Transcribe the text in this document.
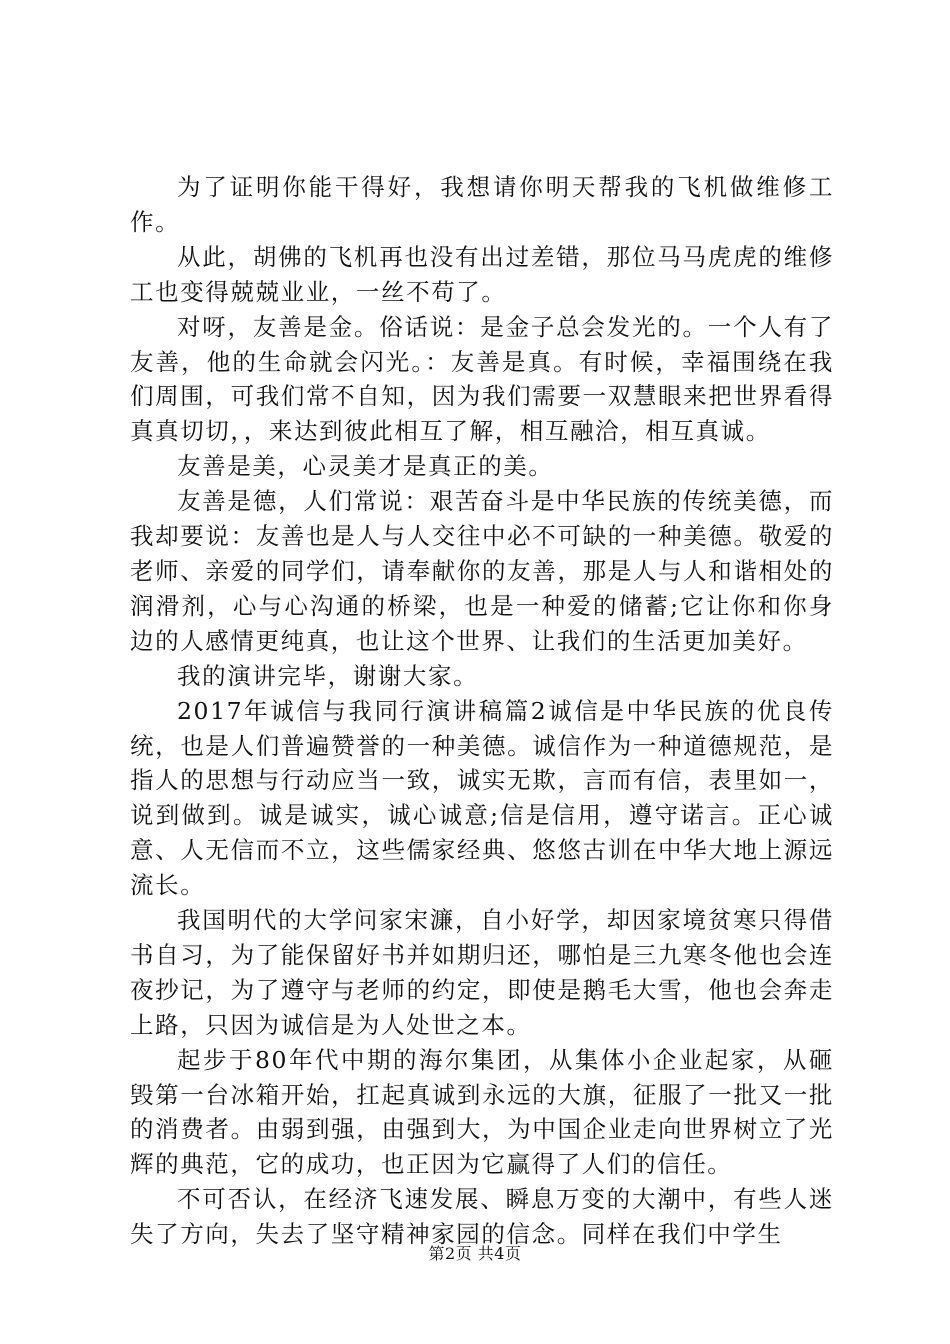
为了证明你能干得好，我想请你明天帮我的飞机做维修工作。

从此，胡佛的飞机再也没有出过差错，那位马马虎虎的维修工也变得兢兢业业，一丝不苟了。

对呀，友善是金。俗话说：是金子总会发光的。一个人有了友善，他的生命就会闪光。：友善是真。有时候，幸福围绕在我们周围，可我们常不自知，因为我们需要一双慧眼来把世界看得真真切切，，来达到彼此相互了解，相互融洽，相互真诚。

友善是美，心灵美才是真正的美。

友善是德，人们常说：艰苦奋斗是中华民族的传统美德，而我却要说：友善也是人与人交往中必不可缺的一种美德。敬爱的老师、亲爱的同学们，请奉献你的友善，那是人与人和谐相处的润滑剂，心与心沟通的桥梁，也是一种爱的储蓄;它让你和你身边的人感情更纯真，也让这个世界、让我们的生活更加美好。

我的演讲完毕，谢谢大家。

2017年诚信与我同行演讲稿篇2诚信是中华民族的优良传统，也是人们普遍赞誉的一种美德。诚信作为一种道德规范，是指人的思想与行动应当一致，诚实无欺，言而有信，表里如一，说到做到。诚是诚实，诚心诚意;信是信用，遵守诺言。正心诚意、人无信而不立，这些儒家经典、悠悠古训在中华大地上源远流长。

我国明代的大学问家宋濂，自小好学，却因家境贫寒只得借书自习，为了能保留好书并如期归还，哪怕是三九寒冬他也会连夜抄记，为了遵守与老师的约定，即使是鹅毛大雪，他也会奔走上路，只因为诚信是为人处世之本。

起步于80年代中期的海尔集团，从集体小企业起家，从砸毁第一台冰箱开始，扛起真诚到永远的大旗，征服了一批又一批的消费者。由弱到强，由强到大，为中国企业走向世界树立了光辉的典范，它的成功，也正因为它赢得了人们的信任。

不可否认，在经济飞速发展、瞬息万变的大潮中，有些人迷失了方向，失去了坚守精神家园的信念。同样在我们中学生

第2页 共4页
